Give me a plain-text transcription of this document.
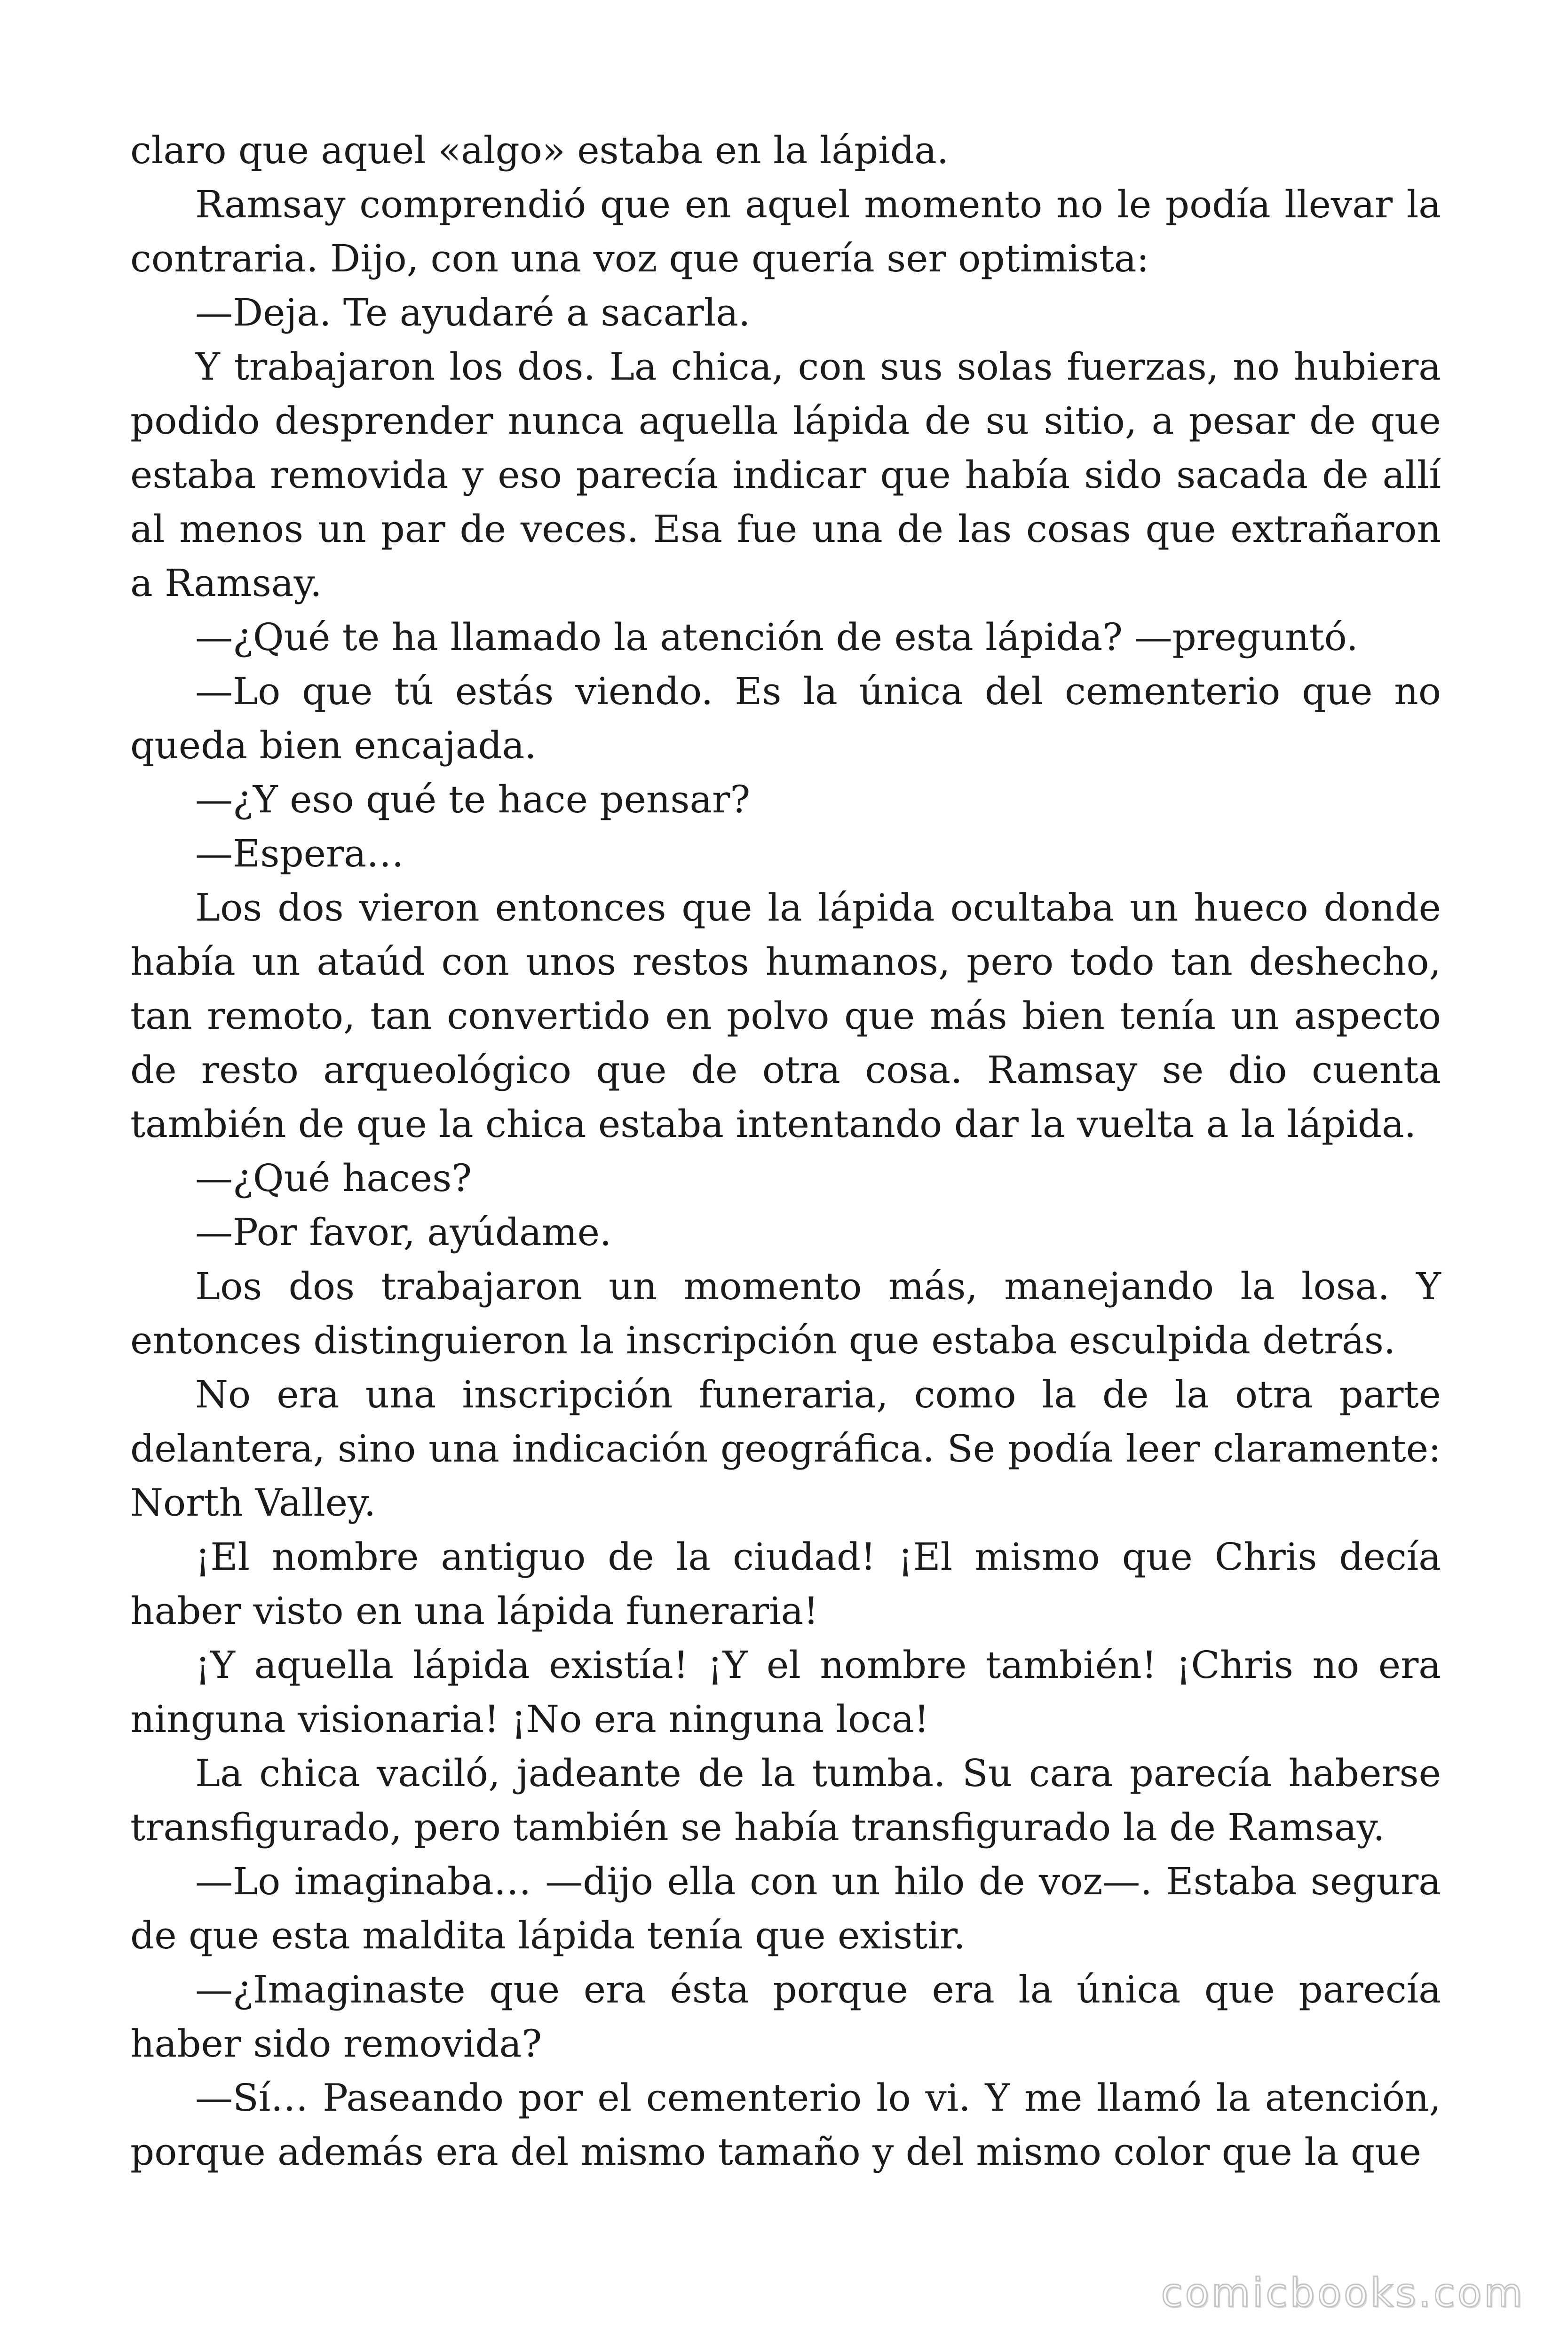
claro que aquel «algo» estaba en la lápida.

Ramsay comprendió que en aquel momento no le podía llevar la contraria. Dijo, con una voz que quería ser optimista:

—Deja. Te ayudaré a sacarla.

Y trabajaron los dos. La chica, con sus solas fuerzas, no hubiera podido desprender nunca aquella lápida de su sitio, a pesar de que estaba removida y eso parecía indicar que había sido sacada de allí al menos un par de veces. Esa fue una de las cosas que extrañaron a Ramsay.

—¿Qué te ha llamado la atención de esta lápida? —preguntó.

—Lo que tú estás viendo. Es la única del cementerio que no queda bien encajada.

—¿Y eso qué te hace pensar?

—Espera…

Los dos vieron entonces que la lápida ocultaba un hueco donde había un ataúd con unos restos humanos, pero todo tan deshecho, tan remoto, tan convertido en polvo que más bien tenía un aspecto de resto arqueológico que de otra cosa. Ramsay se dio cuenta también de que la chica estaba intentando dar la vuelta a la lápida.

—¿Qué haces?

—Por favor, ayúdame.

Los dos trabajaron un momento más, manejando la losa. Y entonces distinguieron la inscripción que estaba esculpida detrás.

No era una inscripción funeraria, como la de la otra parte delantera, sino una indicación geográfica. Se podía leer claramente: North Valley.

¡El nombre antiguo de la ciudad! ¡El mismo que Chris decía haber visto en una lápida funeraria!

¡Y aquella lápida existía! ¡Y el nombre también! ¡Chris no era ninguna visionaria! ¡No era ninguna loca!

La chica vaciló, jadeante de la tumba. Su cara parecía haberse transfigurado, pero también se había transfigurado la de Ramsay.

—Lo imaginaba… —dijo ella con un hilo de voz—. Estaba segura de que esta maldita lápida tenía que existir.

—¿Imaginaste que era ésta porque era la única que parecía haber sido removida?

—Sí… Paseando por el cementerio lo vi. Y me llamó la atención, porque además era del mismo tamaño y del mismo color que la que

comicbooks.com
